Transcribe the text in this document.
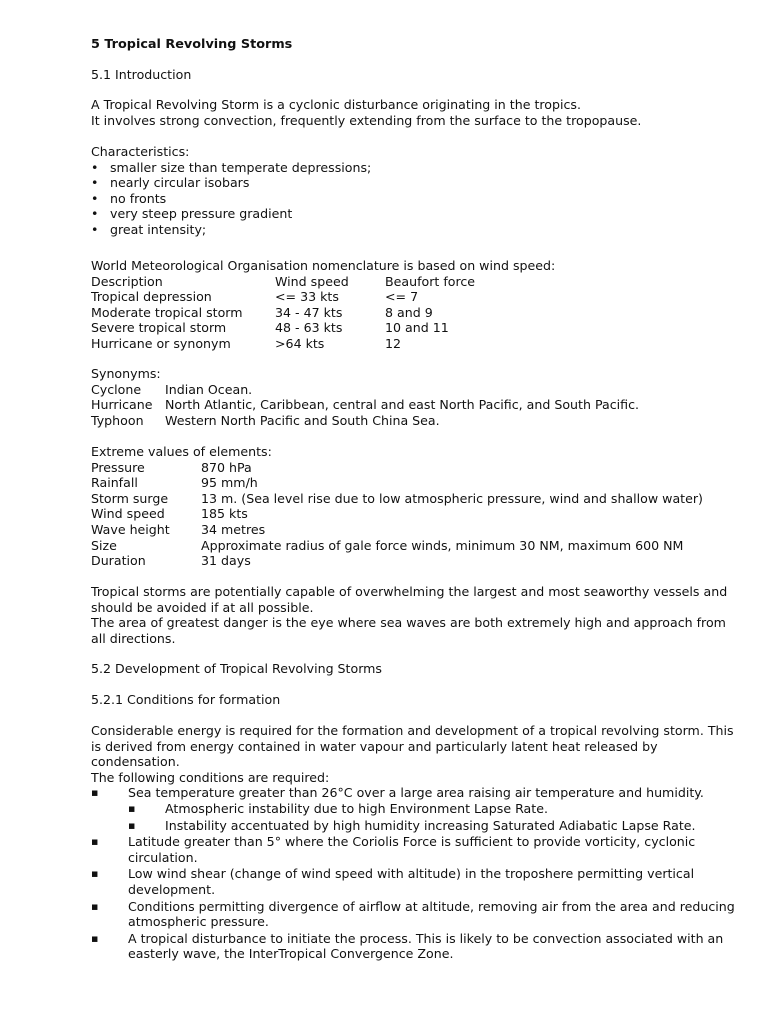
5 Tropical Revolving Storms

5.1 Introduction

A Tropical Revolving Storm is a cyclonic disturbance originating in the tropics.

It involves strong convection, frequently extending from the surface to the tropopause.

Characteristics:

• smaller size than temperate depressions;
• nearly circular isobars
• no fronts
• very steep pressure gradient
• great intensity;

World Meteorological Organisation nomenclature is based on wind speed:

Description	Wind speed	Beaufort force
Tropical depression	<= 33 kts	<= 7
Moderate tropical storm	34 - 47 kts	8 and 9
Severe tropical storm	48 - 63 kts	10 and 11
Hurricane or synonym	>64 kts	12

Synonyms:

Cyclone Indian Ocean.
Hurricane North Atlantic, Caribbean, central and east North Pacific, and South Pacific.
Typhoon Western North Pacific and South China Sea.

Extreme values of elements:

Pressure	870 hPa
Rainfall	95 mm/h
Storm surge	13 m. (Sea level rise due to low atmospheric pressure, wind and shallow water)
Wind speed	185 kts
Wave height 34 metres
Size	Approximate radius of gale force winds, minimum 30 NM, maximum 600 NM
Duration	31 days

Tropical storms are potentially capable of overwhelming the largest and most seaworthy vessels and should be avoided if at all possible.

The area of greatest danger is the eye where sea waves are both extremely high and approach from all directions.

5.2 Development of Tropical Revolving Storms

5.2.1 Conditions for formation

Considerable energy is required for the formation and development of a tropical revolving storm. This is derived from energy contained in water vapour and particularly latent heat released by condensation.

The following conditions are required:

▪ Sea temperature greater than 26°C over a large area raising air temperature and humidity.
▪ Atmospheric instability due to high Environment Lapse Rate.
▪ Instability accentuated by high humidity increasing Saturated Adiabatic Lapse Rate.
▪ Latitude greater than 5° where the Coriolis Force is sufficient to provide vorticity, cyclonic circulation.
▪ Low wind shear (change of wind speed with altitude) in the troposhere permitting vertical development.
▪ Conditions permitting divergence of airflow at altitude, removing air from the area and reducing atmospheric pressure.
▪ A tropical disturbance to initiate the process. This is likely to be convection associated with an easterly wave, the InterTropical Convergence Zone.
